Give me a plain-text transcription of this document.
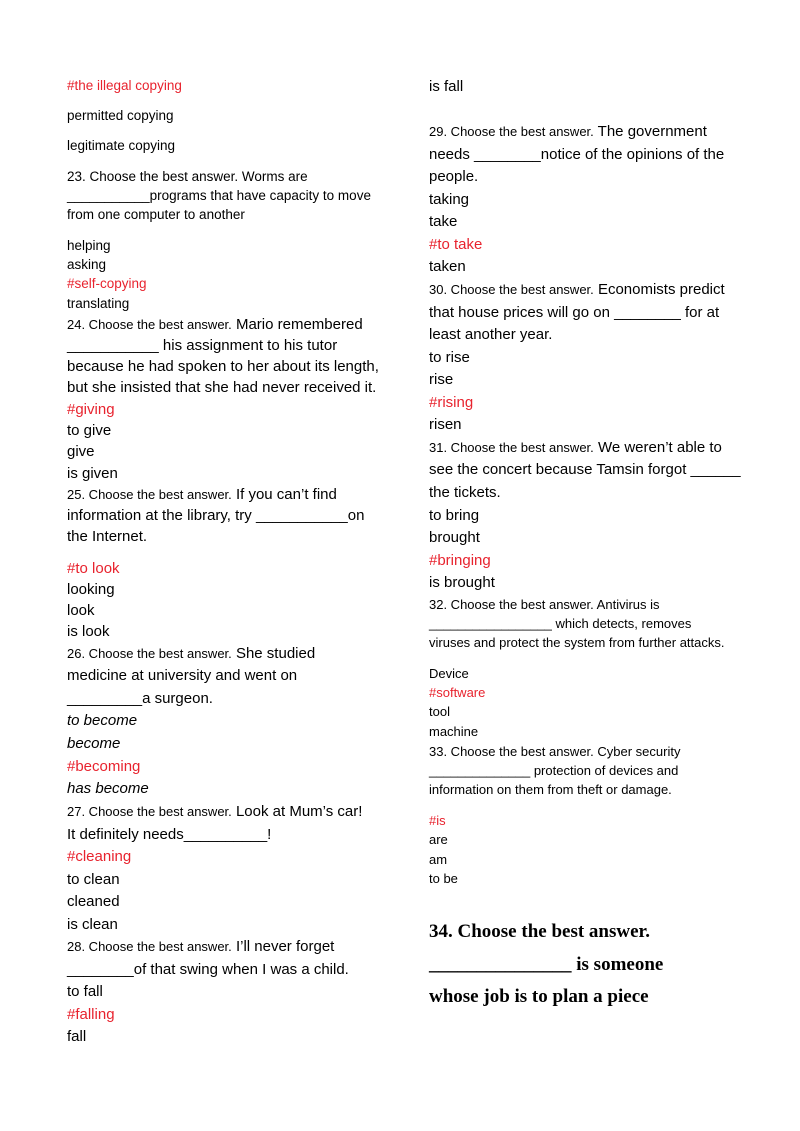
#the illegal copying
permitted copying
legitimate copying
23. Choose the best answer. Worms are
___________programs that have capacity to move
from one computer to another
helping
asking
#self-copying
translating
24. Choose the best answer. Mario remembered
___________ his assignment to his tutor
because he had spoken to her about its length,
but she insisted that she had never received it.
#giving
to give
give
is given
25. Choose the best answer. If you can’t find
information at the library, try ___________on
the Internet.
#to look
looking
look
is look
26. Choose the best answer. She studied
medicine at university and went on
_________a surgeon.
to become
become
#becoming
has become
27. Choose the best answer. Look at Mum’s car!
It definitely needs__________!
#cleaning
to clean
cleaned
is clean
28. Choose the best answer. I’ll never forget
________of that swing when I was a child.
to fall
#falling
fall
is fall
29. Choose the best answer. The government
needs ________notice of the opinions of the
people.
taking
take
#to take
taken
30. Choose the best answer. Economists predict
that house prices will go on ________ for at
least another year.
to rise
rise
#rising
risen
31. Choose the best answer. We weren’t able to
see the concert because Tamsin forgot ______
the tickets.
to bring
brought
#bringing
is brought
32. Choose the best answer. Antivirus is
_________________ which detects, removes
viruses and protect the system from further attacks.
Device
#software
tool
machine
33. Choose the best answer. Cyber security
______________ protection of devices and
information on them from theft or damage.
#is
are
am
to be
34. Choose the best answer.
_______________ is someone
whose job is to plan a piece
